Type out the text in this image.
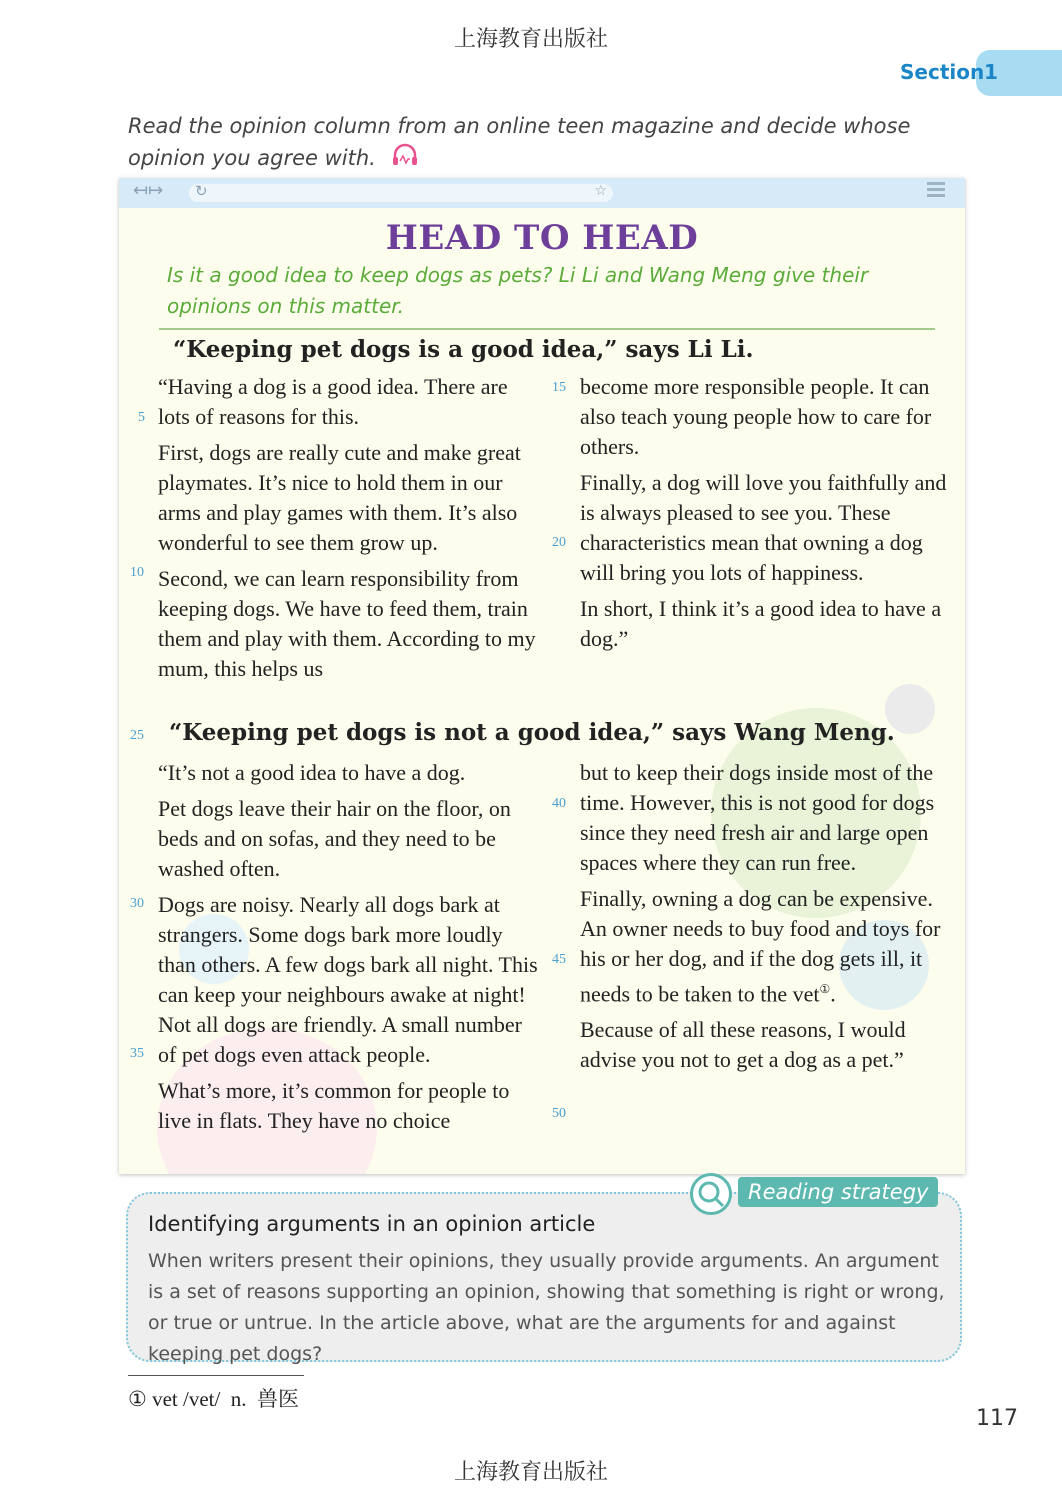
上海教育出版社
Section 1
Read the opinion column from an online teen magazine and decide whose opinion you agree with.
↤↦ ↻	☆
HEAD TO HEAD
Is it a good idea to keep dogs as pets? Li Li and Wang Meng give their opinions on this matter.
“Keeping pet dogs is a good idea,” says Li Li.

“Having a dog is a good idea. There are lots of reasons for this.

First, dogs are really cute and make great playmates. It’s nice to hold them in our arms and play games with them. It’s also wonderful to see them grow up.

Second, we can learn responsibility from keeping dogs. We have to feed them, train them and play with them. According to my mum, this helps us

become more responsible people. It can also teach young people how to care for others.

Finally, a dog will love you faithfully and is always pleased to see you. These characteristics mean that owning a dog will bring you lots of happiness.

In short, I think it’s a good idea to have a dog.”

“Keeping pet dogs is not a good idea,” says Wang Meng.

“It’s not a good idea to have a dog.

Pet dogs leave their hair on the floor, on beds and on sofas, and they need to be washed often.

Dogs are noisy. Nearly all dogs bark at strangers. Some dogs bark more loudly than others. A few dogs bark all night. This can keep your neighbours awake at night! Not all dogs are friendly. A small number of pet dogs even attack people.

What’s more, it’s common for people to live in flats. They have no choice

but to keep their dogs inside most of the time. However, this is not good for dogs since they need fresh air and large open spaces where they can run free.

Finally, owning a dog can be expensive. An owner needs to buy food and toys for his or her dog, and if the dog gets ill, it needs to be taken to the vet①.

Because of all these reasons, I would advise you not to get a dog as a pet.”

5
10
15
20
25
30
35
40
45
50
Identifying arguments in an opinion article
When writers present their opinions, they usually provide arguments. An argument is a set of reasons supporting an opinion, showing that something is right or wrong, or true or untrue. In the article above, what are the arguments for and against keeping pet dogs?
Reading strategy
① vet /vet/  n.  兽医
117
上海教育出版社
